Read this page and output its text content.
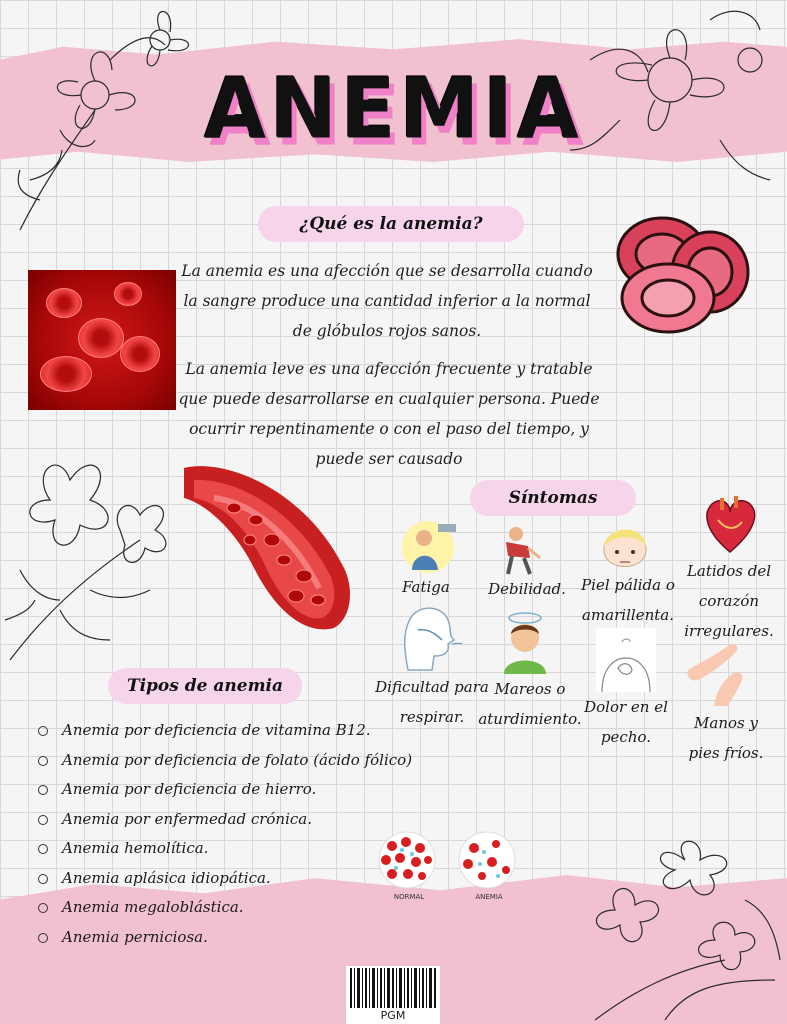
ANEMIA
¿Qué es la anemia?
La anemia es una afección que se desarrolla cuando la sangre produce una cantidad inferior a la normal de glóbulos rojos sanos.
La anemia leve es una afección frecuente y tratable que puede desarrollarse en cualquier persona. Puede ocurrir repentinamente o con el paso del tiempo, y puede ser causado
Síntomas
Fatiga	Debilidad.	Piel pálida o amarillenta.
Latidos del corazón irregulares.
Dificultad para respirar.
Mareos o aturdimiento.
Dolor en el pecho.
Manos y pies fríos.
Tipos de anemia
Anemia por deficiencia de vitamina B12.
Anemia por deficiencia de folato (ácido fólico)
Anemia por deficiencia de hierro.
Anemia por enfermedad crónica.
Anemia hemolítica.
Anemia aplásica idiopática.
Anemia megaloblástica.
Anemia perniciosa.
NORMAL	ANEMIA
PGM
